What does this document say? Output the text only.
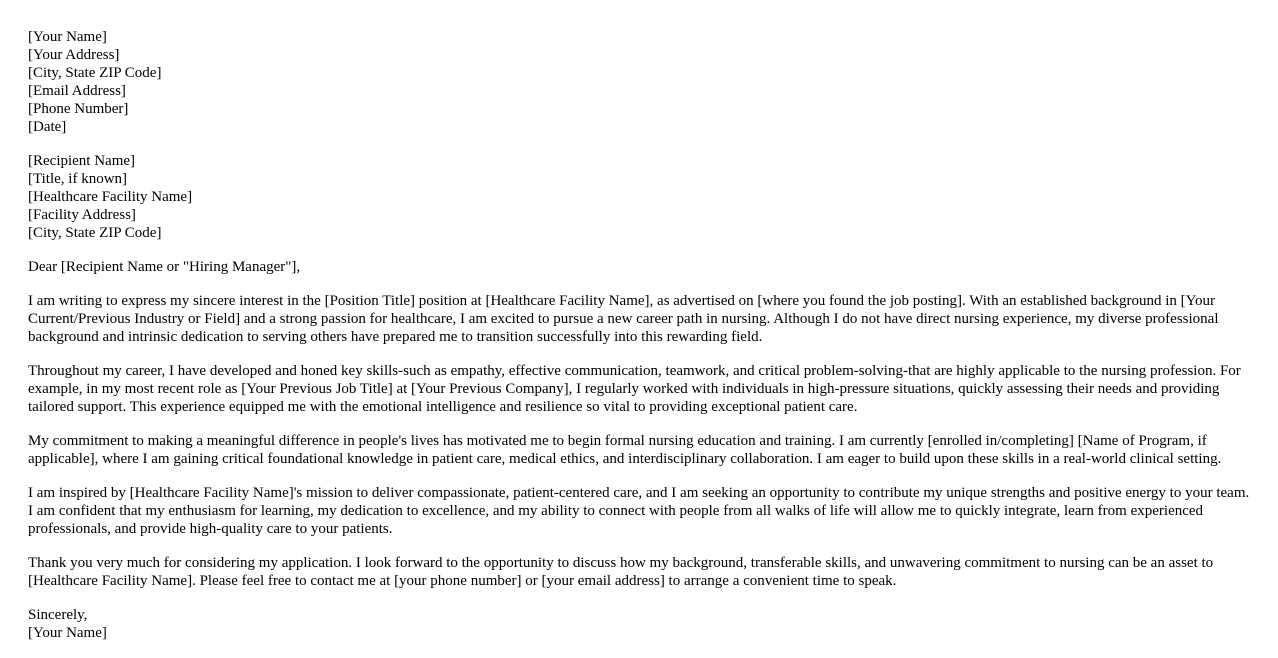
[Your Name]
[Your Address]
[City, State ZIP Code]
[Email Address]
[Phone Number]
[Date]
[Recipient Name]
[Title, if known]
[Healthcare Facility Name]
[Facility Address]
[City, State ZIP Code]

Dear [Recipient Name or "Hiring Manager"],

I am writing to express my sincere interest in the [Position Title] position at [Healthcare Facility Name], as advertised on [where you found the job posting]. With an established background in [Your Current/Previous Industry or Field] and a strong passion for healthcare, I am excited to pursue a new career path in nursing. Although I do not have direct nursing experience, my diverse professional background and intrinsic dedication to serving others have prepared me to transition successfully into this rewarding field.

Throughout my career, I have developed and honed key skills-such as empathy, effective communication, teamwork, and critical problem-solving-that are highly applicable to the nursing profession. For example, in my most recent role as [Your Previous Job Title] at [Your Previous Company], I regularly worked with individuals in high-pressure situations, quickly assessing their needs and providing tailored support. This experience equipped me with the emotional intelligence and resilience so vital to providing exceptional patient care.

My commitment to making a meaningful difference in people's lives has motivated me to begin formal nursing education and training. I am currently [enrolled in/completing] [Name of Program, if applicable], where I am gaining critical foundational knowledge in patient care, medical ethics, and interdisciplinary collaboration. I am eager to build upon these skills in a real-world clinical setting.

I am inspired by [Healthcare Facility Name]'s mission to deliver compassionate, patient-centered care, and I am seeking an opportunity to contribute my unique strengths and positive energy to your team. I am confident that my enthusiasm for learning, my dedication to excellence, and my ability to connect with people from all walks of life will allow me to quickly integrate, learn from experienced professionals, and provide high-quality care to your patients.

Thank you very much for considering my application. I look forward to the opportunity to discuss how my background, transferable skills, and unwavering commitment to nursing can be an asset to [Healthcare Facility Name]. Please feel free to contact me at [your phone number] or [your email address] to arrange a convenient time to speak.

Sincerely,
[Your Name]
